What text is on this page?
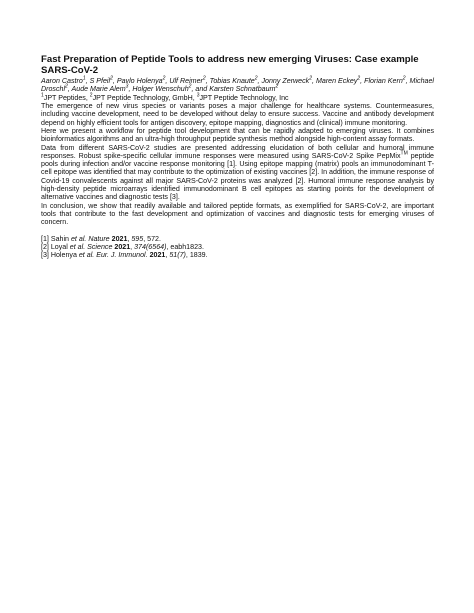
Fast Preparation of Peptide Tools to address new emerging Viruses: Case example SARS-CoV-2
Aaron Castro$^1$, S Pfeil$^2$, Pavlo Holenya$^2$, Ulf Reimer$^2$, Tobias Knaute$^2$, Jonny Zerweck$^2$, Maren Eckey$^2$, Florian Kern$^2$, Michael Droschl$^2$, Aude Marie Alem$^3$, Holger Wenschuh$^2$, and Karsten Schnatbaum$^2$
$^1$JPT Peptides, $^2$JPT Peptide Technology, GmbH, $^3$JPT Peptide Technology, Inc

The emergence of new virus species or variants poses a major challenge for healthcare systems. Countermeasures, including vaccine development, need to be developed without delay to ensure success. Vaccine and antibody development depend on highly efficient tools for antigen discovery, epitope mapping, diagnostics and (clinical) immune monitoring.

Here we present a workflow for peptide tool development that can be rapidly adapted to emerging viruses. It combines bioinformatics algorithms and an ultra-high throughput peptide synthesis method alongside high-content assay formats.

Data from different SARS-CoV-2 studies are presented addressing elucidation of both cellular and humoral immune responses. Robust spike-specific cellular immune responses were measured using SARS-CoV-2 Spike PepMix™ peptide pools during infection and/or vaccine response monitoring [1]. Using epitope mapping (matrix) pools an immunodominant T-cell epitope was identified that may contribute to the optimization of existing vaccines [2]. In addition, the immune response of Covid-19 convalescents against all major SARS-CoV-2 proteins was analyzed [2]. Humoral immune response analysis by high-density peptide microarrays identified immunodominant B cell epitopes as starting points for the development of alternative vaccines and diagnostic tests [3].

In conclusion, we show that readily available and tailored peptide formats, as exemplified for SARS-CoV-2, are important tools that contribute to the fast development and optimization of vaccines and diagnostic tests for emerging viruses of concern.

[1] Sahin et al. Nature 2021, 595, 572.
[2] Loyal et al. Science 2021, 374(6564), eabh1823.
[3] Holenya et al. Eur. J. Immunol. 2021, 51(7), 1839.
